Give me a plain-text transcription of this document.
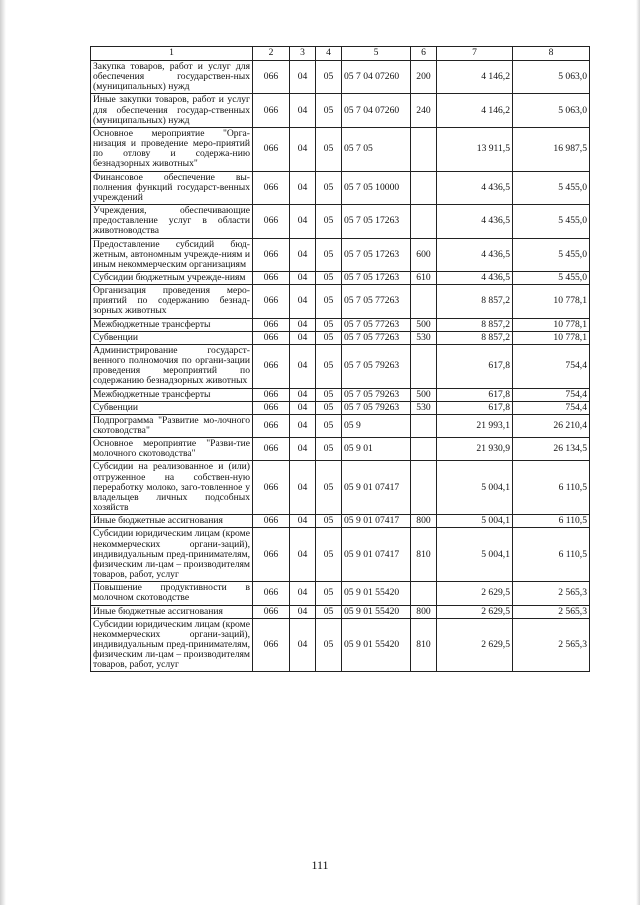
1	2	3	4	5	6	7	8
Закупка товаров, работ и услуг для обеспечения государствен-ных (муниципальных) нужд	066	04	05	05 7 04 07260	200	4 146,2	5 063,0
Иные закупки товаров, работ и услуг для обеспечения государ-ственных (муниципальных) нужд	066	04	05	05 7 04 07260	240	4 146,2	5 063,0
Основное мероприятие "Орга-низация и проведение меро-приятий по отлову и содержа-нию безнадзорных животных"	066	04	05	05 7 05		13 911,5	16 987,5
Финансовое обеспечение вы-полнения функций государст-венных учреждений	066	04	05	05 7 05 10000		4 436,5	5 455,0
Учреждения, обеспечивающие предоставление услуг в области животноводства	066	04	05	05 7 05 17263		4 436,5	5 455,0
Предоставление субсидий бюд-жетным, автономным учрежде-ниям и иным некоммерческим организациям	066	04	05	05 7 05 17263	600	4 436,5	5 455,0
Субсидии бюджетным учрежде-ниям	066	04	05	05 7 05 17263	610	4 436,5	5 455,0
Организация проведения меро-приятий по содержанию безнад-зорных животных	066	04	05	05 7 05 77263		8 857,2	10 778,1
Межбюджетные трансферты	066	04	05	05 7 05 77263	500	8 857,2	10 778,1
Субвенции	066	04	05	05 7 05 77263	530	8 857,2	10 778,1
Администрирование государст-венного полномочия по органи-зации проведения мероприятий по содержанию безнадзорных животных	066	04	05	05 7 05 79263		617,8	754,4
Межбюджетные трансферты	066	04	05	05 7 05 79263	500	617,8	754,4
Субвенции	066	04	05	05 7 05 79263	530	617,8	754,4
Подпрограмма "Развитие мо-лочного скотоводства"	066	04	05	05 9		21 993,1	26 210,4
Основное мероприятие "Разви-тие молочного скотоводства"	066	04	05	05 9 01		21 930,9	26 134,5
Субсидии на реализованное и (или) отгруженное на собствен-ную переработку молоко, заго-товленное у владельцев личных подсобных хозяйств	066	04	05	05 9 01 07417		5 004,1	6 110,5
Иные бюджетные ассигнования	066	04	05	05 9 01 07417	800	5 004,1	6 110,5
Субсидии юридическим лицам (кроме некоммерческих органи-заций), индивидуальным пред-принимателям, физическим ли-цам – производителям товаров, работ, услуг	066	04	05	05 9 01 07417	810	5 004,1	6 110,5
Повышение продуктивности в молочном скотоводстве	066	04	05	05 9 01 55420		2 629,5	2 565,3
Иные бюджетные ассигнования	066	04	05	05 9 01 55420	800	2 629,5	2 565,3
Субсидии юридическим лицам (кроме некоммерческих органи-заций), индивидуальным пред-принимателям, физическим ли-цам – производителям товаров, работ, услуг	066	04	05	05 9 01 55420	810	2 629,5	2 565,3
111
